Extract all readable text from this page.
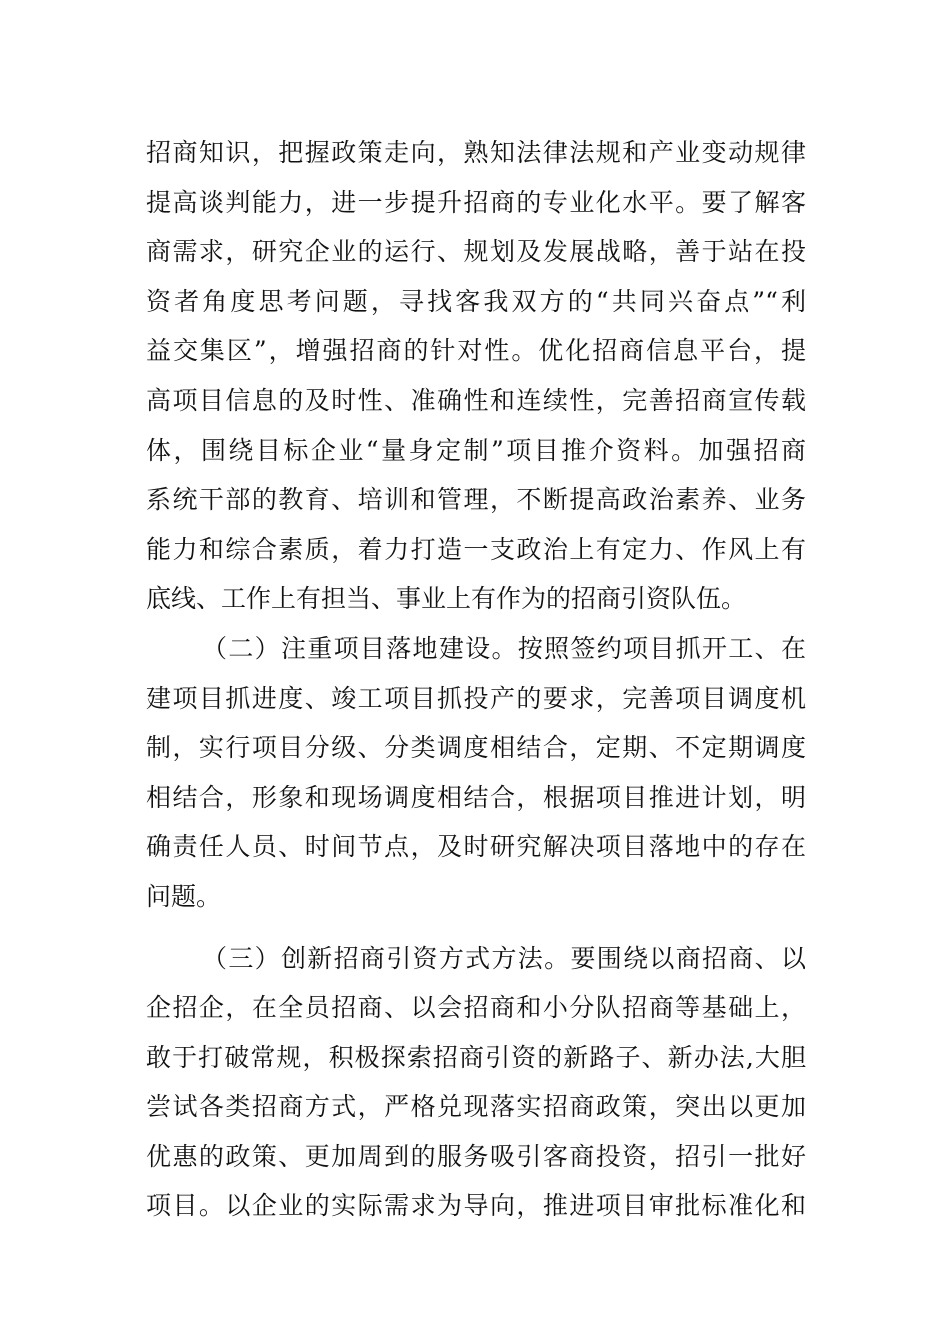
招商知识，把握政策走向，熟知法律法规和产业变动规律
提高谈判能力，进一步提升招商的专业化水平。要了解客
商需求，研究企业的运行、规划及发展战略，善于站在投
资者角度思考问题，寻找客我双方的“共同兴奋点”“利
益交集区”，增强招商的针对性。优化招商信息平台，提
高项目信息的及时性、准确性和连续性，完善招商宣传载
体，围绕目标企业“量身定制”项目推介资料。加强招商
系统干部的教育、培训和管理，不断提高政治素养、业务
能力和综合素质，着力打造一支政治上有定力、作风上有
底线、工作上有担当、事业上有作为的招商引资队伍。
（二）注重项目落地建设。按照签约项目抓开工、在
建项目抓进度、竣工项目抓投产的要求，完善项目调度机
制，实行项目分级、分类调度相结合，定期、不定期调度
相结合，形象和现场调度相结合，根据项目推进计划，明
确责任人员、时间节点，及时研究解决项目落地中的存在
问题。
（三）创新招商引资方式方法。要围绕以商招商、以
企招企，在全员招商、以会招商和小分队招商等基础上，
敢于打破常规，积极探索招商引资的新路子、新办法,大胆
尝试各类招商方式，严格兑现落实招商政策，突出以更加
优惠的政策、更加周到的服务吸引客商投资，招引一批好
项目。以企业的实际需求为导向，推进项目审批标准化和
